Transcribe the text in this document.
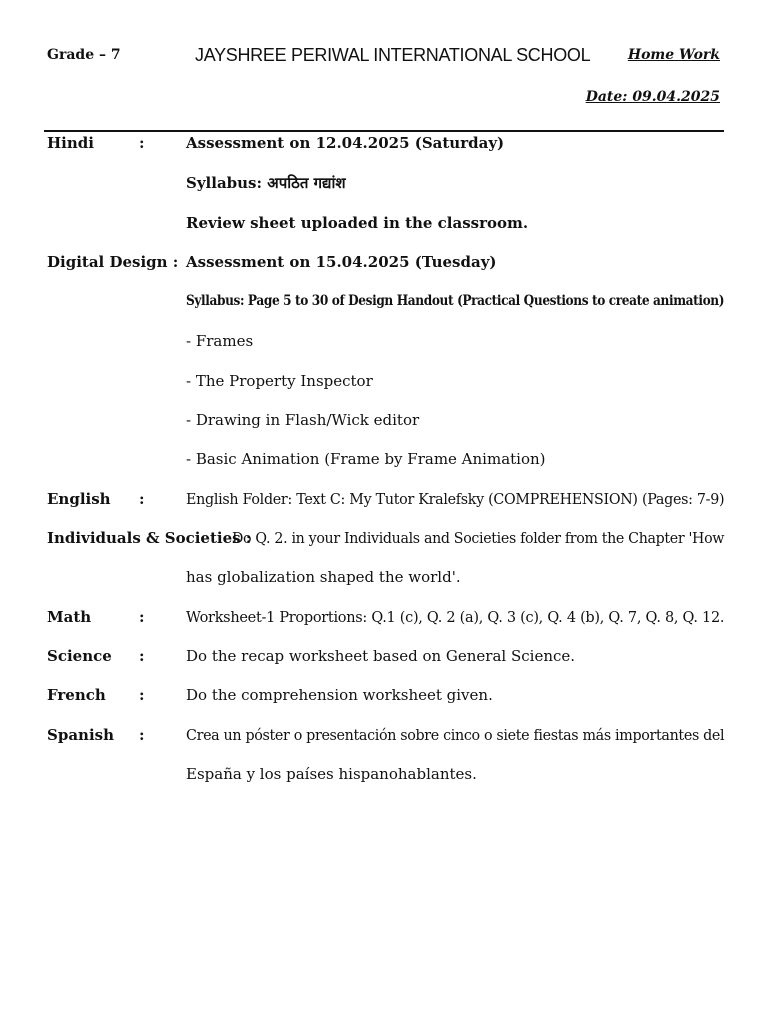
Grade – 7	JAYSHREE PERIWAL INTERNATIONAL SCHOOL	Home Work
Date: 09.04.2025
Hindi	:	Assessment on 12.04.2025 (Saturday)
Syllabus: अपठित गद्यांश
Review sheet uploaded in the classroom.
Digital Design : Assessment on 15.04.2025 (Tuesday)
Syllabus: Page 5 to 30 of Design Handout (Practical Questions to create animation)
- Frames
- The Property Inspector
- Drawing in Flash/Wick editor
- Basic Animation (Frame by Frame Animation)
English :	English Folder: Text C: My Tutor Kralefsky (COMPREHENSION) (Pages: 7-9)
Individuals & Societies :
Do Q. 2. in your Individuals and Societies folder from the Chapter 'How
has globalization shaped the world'.
Math	:	Worksheet-1 Proportions: Q.1 (c), Q. 2 (a), Q. 3 (c), Q. 4 (b), Q. 7, Q. 8, Q. 12.
Science :	Do the recap worksheet based on General Science.
French :	Do the comprehension worksheet given.
Spanish :	Crea un póster o presentación sobre cinco o siete fiestas más importantes del
España y los países hispanohablantes.
